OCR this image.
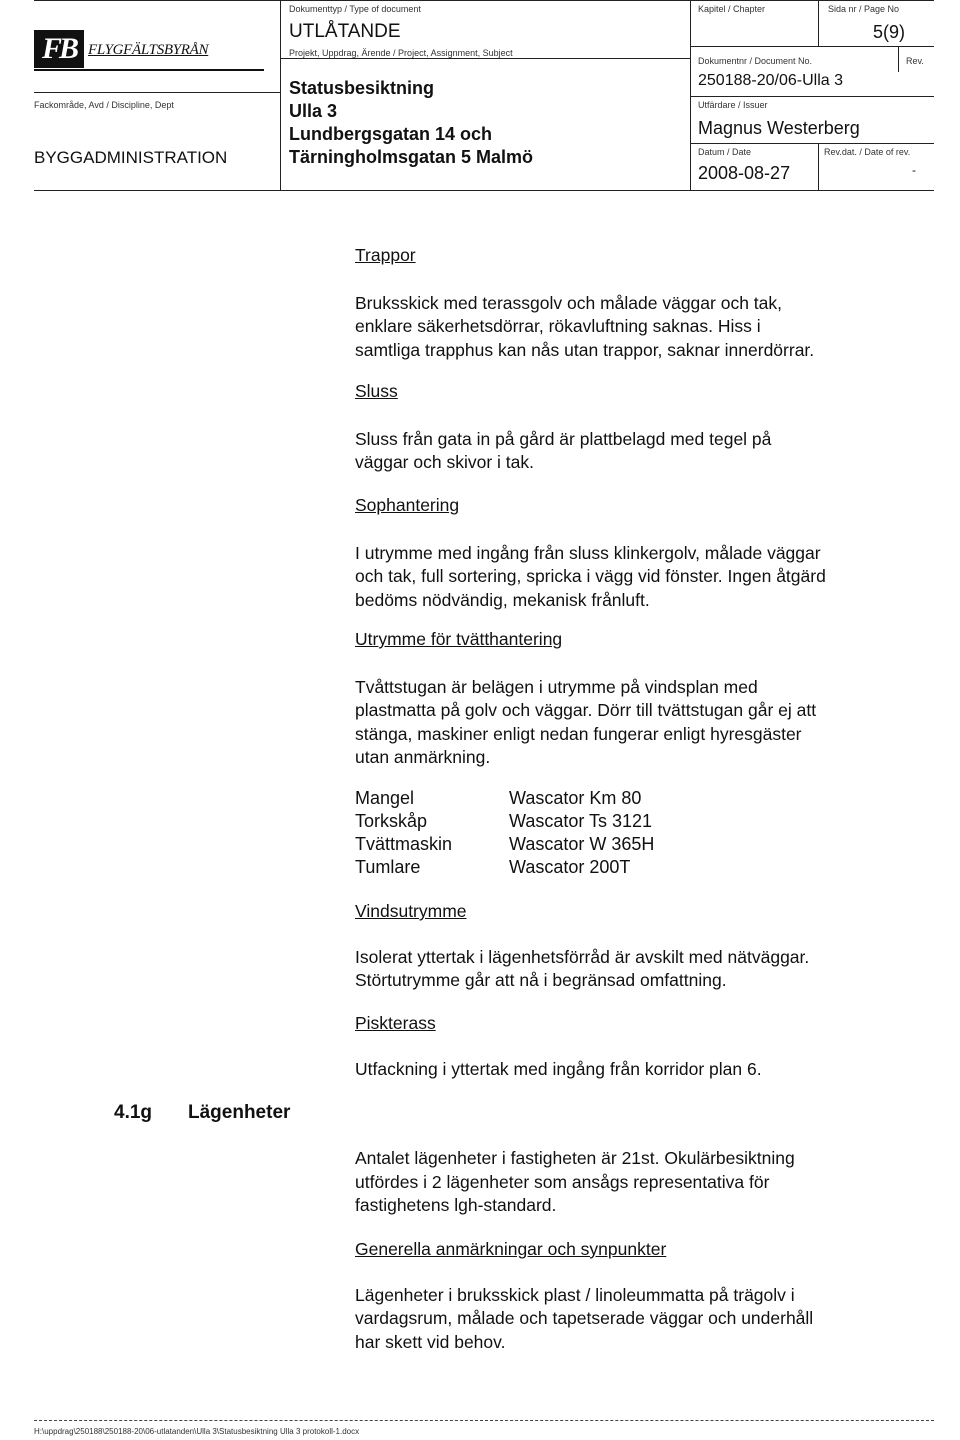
FB FLYGFÄLTSBYRÅN
Fackområde, Avd / Discipline, Dept
BYGGADMINISTRATION
Dokumenttyp / Type of document
UTLÅTANDE
Projekt, Uppdrag, Ärende / Project, Assignment, Subject
Statusbesiktning
Ulla 3
Lundbergsgatan 14 och
Tärningholmsgatan 5 Malmö
Kapitel / Chapter	Sida nr / Page No
5(9)
Dokumentnr / Document No.	Rev.
250188-20/06-Ulla 3
Utfärdare / Issuer
Magnus Westerberg
Datum / Date
2008-08-27
Rev.dat. / Date of rev.
-
Trappor

Bruksskick med terassgolv och målade väggar och tak,

enklare säkerhetsdörrar, rökavluftning saknas. Hiss i

samtliga trapphus kan nås utan trappor, saknar innerdörrar.

Sluss

Sluss från gata in på gård är plattbelagd med tegel på

väggar och skivor i tak.

Sophantering

I utrymme med ingång från sluss klinkergolv, målade väggar

och tak, full sortering, spricka i vägg vid fönster. Ingen åtgärd

bedöms nödvändig, mekanisk frånluft.

Utrymme för tvätthantering

Tvåttstugan är belägen i utrymme på vindsplan med

plastmatta på golv och väggar. Dörr till tvättstugan går ej att

stänga, maskiner enligt nedan fungerar enligt hyresgäster

utan anmärkning.

Mangel	Wascator Km 80
Torkskåp	Wascator Ts 3121
Tvättmaskin	Wascator W 365H
Tumlare	Wascator 200T
Vindsutrymme

Isolerat yttertak i lägenhetsförråd är avskilt med nätväggar.

Störtutrymme går att nå i begränsad omfattning.

Piskterass

Utfackning i yttertak med ingång från korridor plan 6.

4.1g Lägenheter

Antalet lägenheter i fastigheten är 21st. Okulärbesiktning

utfördes i 2 lägenheter som ansågs representativa för

fastighetens lgh-standard.

Generella anmärkningar och synpunkter

Lägenheter i bruksskick plast / linoleummatta på trägolv i

vardagsrum, målade och tapetserade väggar och underhåll

har skett vid behov.

H:\uppdrag\250188\250188-20\06-utlatanden\Ulla 3\Statusbesiktning Ulla 3 protokoll-1.docx
